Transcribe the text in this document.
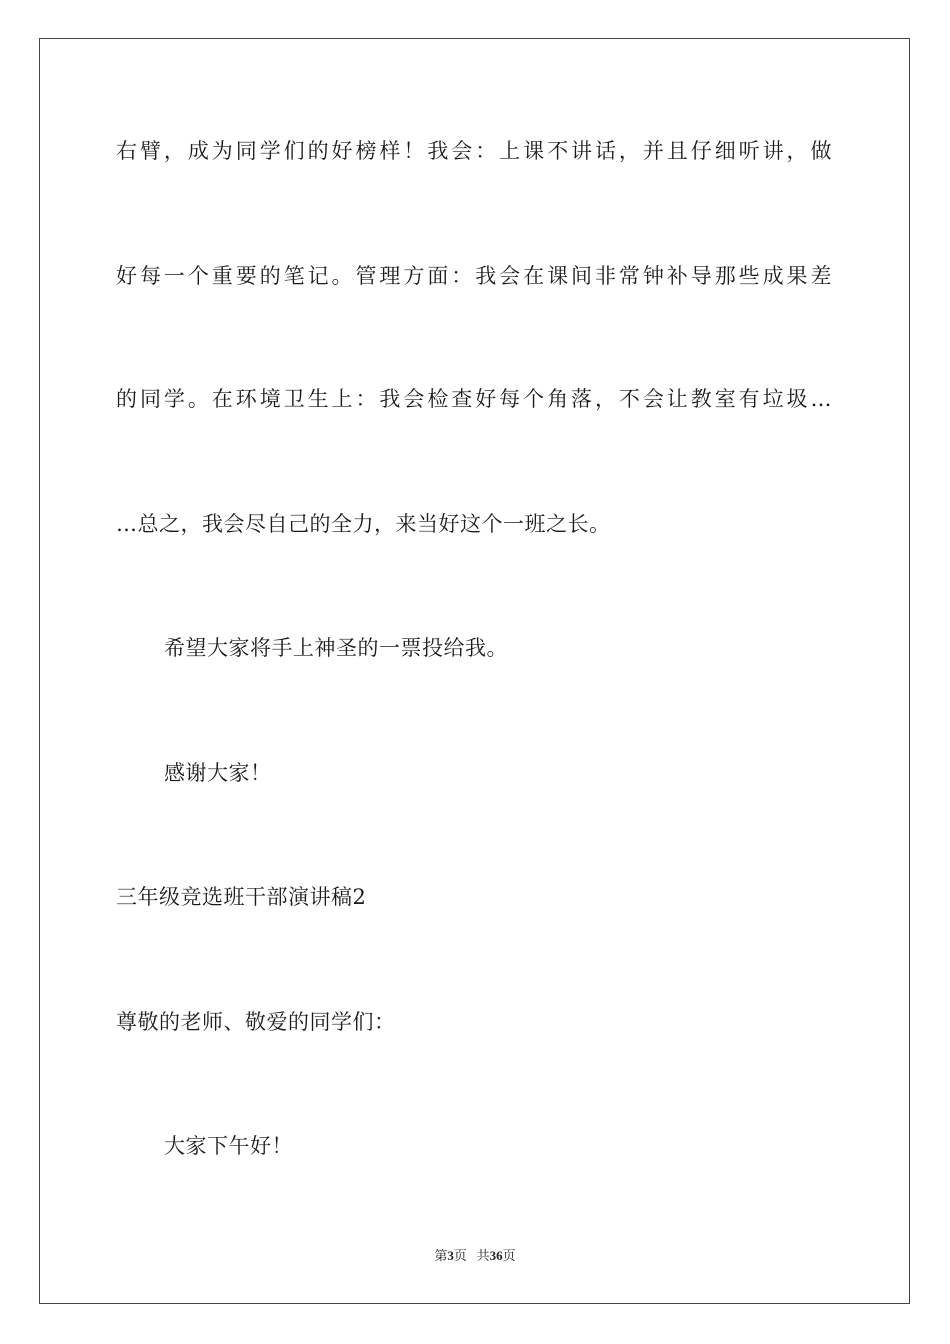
右臂，成为同学们的好榜样！我会：上课不讲话，并且仔细听讲，做
好每一个重要的笔记。管理方面：我会在课间非常钟补导那些成果差
的同学。在环境卫生上：我会检查好每个角落，不会让教室有垃圾…
…总之，我会尽自己的全力，来当好这个一班之长。
希望大家将手上神圣的一票投给我。
感谢大家！
三年级竞选班干部演讲稿2
尊敬的老师、敬爱的同学们：
大家下午好！
第3页 共36页
